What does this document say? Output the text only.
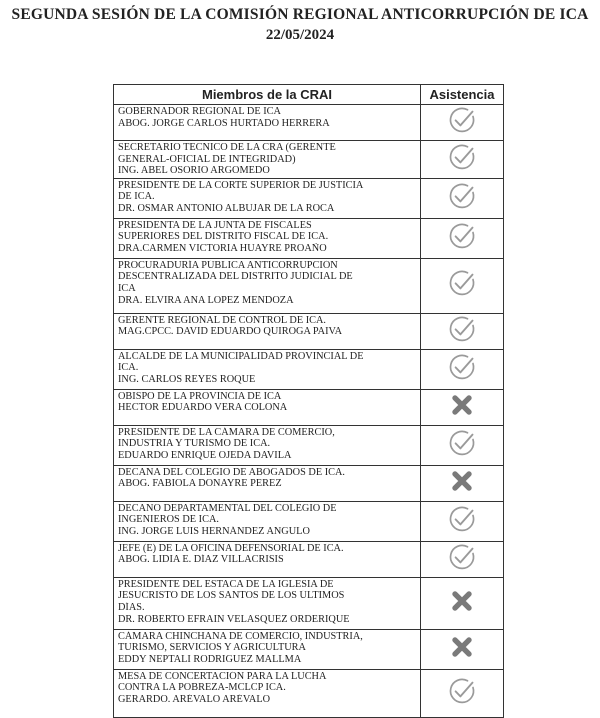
SEGUNDA SESIÓN DE LA COMISIÓN REGIONAL ANTICORRUPCIÓN DE ICA
22/05/2024
Miembros de la CRAI	Asistencia

GOBERNADOR REGIONAL DE ICA
ABOG. JORGE CARLOS HURTADO HERRERA

SECRETARIO TECNICO DE LA CRA (GERENTE
GENERAL-OFICIAL DE INTEGRIDAD)
ING. ABEL OSORIO ARGOMEDO

PRESIDENTE DE LA CORTE SUPERIOR DE JUSTICIA
DE ICA.
DR. OSMAR ANTONIO ALBUJAR DE LA ROCA

PRESIDENTA DE LA JUNTA DE FISCALES
SUPERIORES DEL DISTRITO FISCAL DE ICA.
DRA.CARMEN VICTORIA HUAYRE PROAÑO

PROCURADURÍA PÚBLICA ANTICORRUPCIÓN
DESCENTRALIZADA DEL DISTRITO JUDICIAL DE
ICA
DRA. ELVIRA ANA LOPEZ MENDOZA

GERENTE REGIONAL DE CONTROL DE ICA.
MAG.CPCC. DAVID EDUARDO QUIROGA PAIVA

ALCALDE DE LA MUNICIPALIDAD PROVINCIAL DE
ICA.
ING. CARLOS REYES ROQUE

OBISPO DE LA PROVINCIA DE ICA
HECTOR EDUARDO VERA COLONA

PRESIDENTE DE LA CÁMARA DE COMERCIO,
INDUSTRIA Y TURISMO DE ICA.
EDUARDO ENRIQUE OJEDA DAVILA

DECANA DEL COLEGIO DE ABOGADOS DE ICA.
ABOG. FABIOLA DONAYRE PEREZ

DECANO DEPARTAMENTAL DEL COLEGIO DE
INGENIEROS DE ICA.
ING. JORGE LUIS HERNÁNDEZ ANGULO

JEFE (E) DE LA OFICINA DEFENSORIAL DE ICA.
ABOG. LIDIA E. DÍAZ VILLACRISIS

PRESIDENTE DEL ESTACA DE LA IGLESIA DE
JESUCRISTO DE LOS SANTOS DE LOS ÚLTIMOS
DÍAS.
DR. ROBERTO EFRAIN VELASQUEZ ORDERIQUE

CÁMARA CHINCHANA DE COMERCIO, INDUSTRIA,
TURISMO, SERVICIOS Y AGRICULTURA
EDDY NEPTALI RODRIGUEZ MALLMA

MESA DE CONCERTACIÓN PARA LA LUCHA
CONTRA LA POBREZA-MCLCP ICA.
GERARDO. ARÉVALO ARÉVALO
